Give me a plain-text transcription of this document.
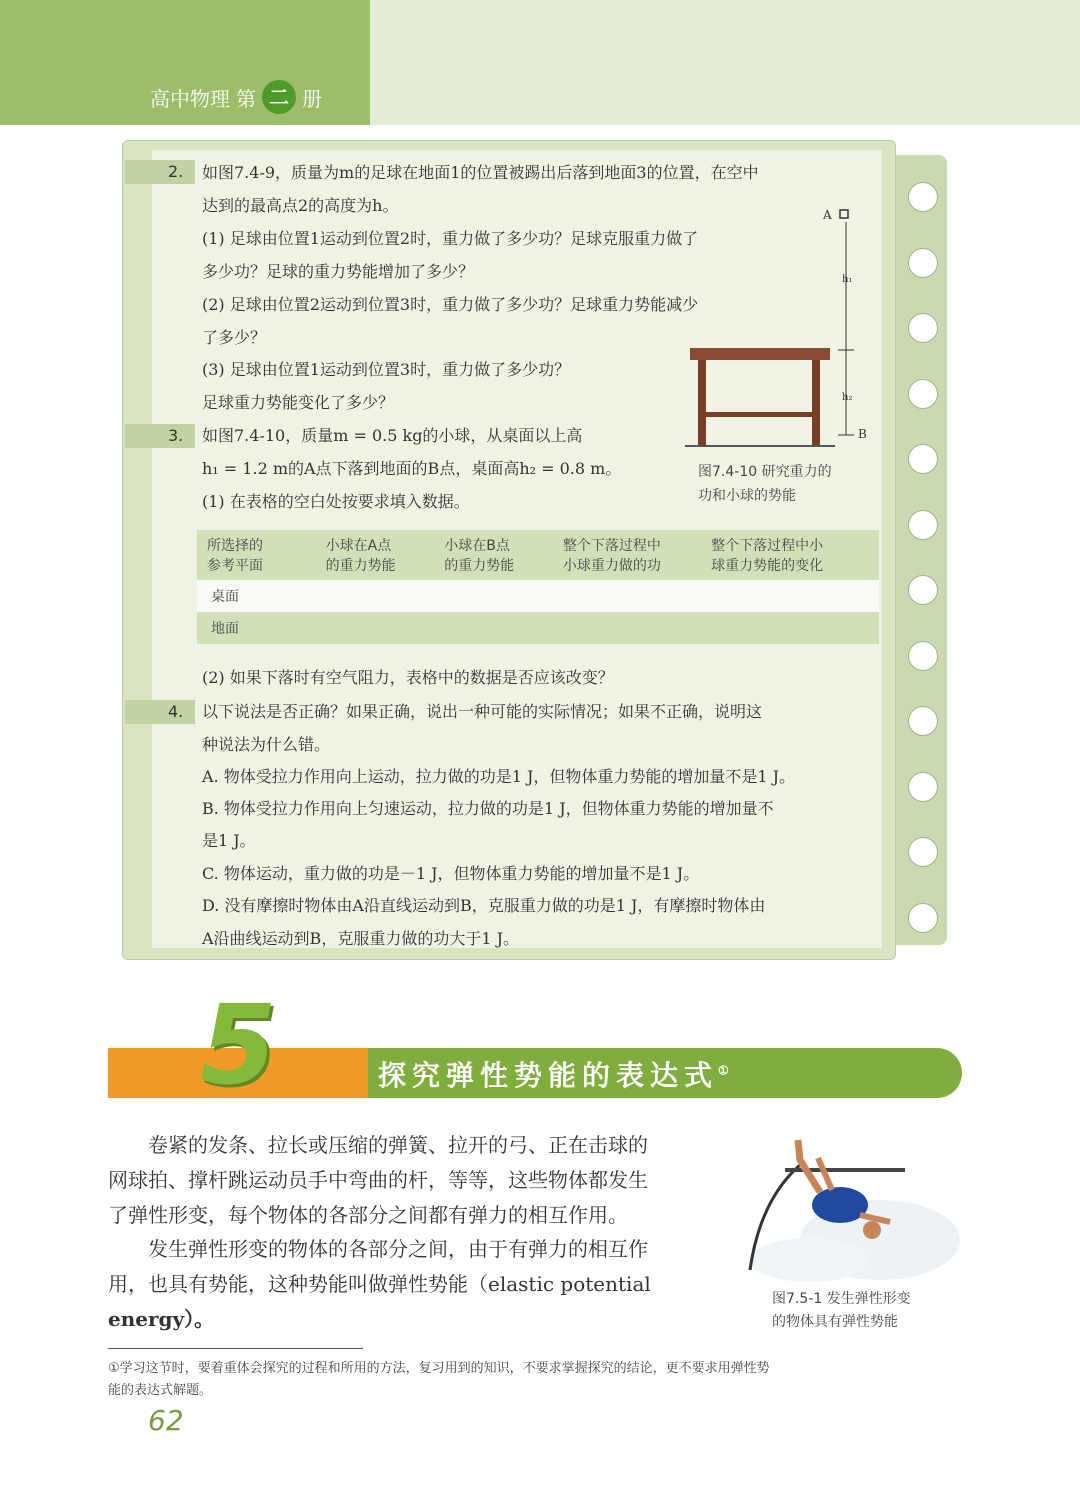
高中物理 第 二 册
2. 如图7.4-9，质量为m的足球在地面1的位置被踢出后落到地面3的位置，在空中
达到的最高点2的高度为h。
(1) 足球由位置1运动到位置2时，重力做了多少功？足球克服重力做了
多少功？足球的重力势能增加了多少？
(2) 足球由位置2运动到位置3时，重力做了多少功？足球重力势能减少
了多少？
(3) 足球由位置1运动到位置3时，重力做了多少功？
足球重力势能变化了多少？
A
h₁
h₂
B
图7.4-10 研究重力的
功和小球的势能
3. 如图7.4-10，质量m = 0.5 kg的小球，从桌面以上高
h₁ = 1.2 m的A点下落到地面的B点，桌面高h₂ = 0.8 m。
(1) 在表格的空白处按要求填入数据。
所选择的
参考平面
小球在A点
的重力势能
小球在B点
的重力势能
整个下落过程中
小球重力做的功
整个下落过程中小
球重力势能的变化
桌面
地面
(2) 如果下落时有空气阻力，表格中的数据是否应该改变？
4. 以下说法是否正确？如果正确，说出一种可能的实际情况；如果不正确，说明这
种说法为什么错。
A. 物体受拉力作用向上运动，拉力做的功是1 J，但物体重力势能的增加量不是1 J。
B. 物体受拉力作用向上匀速运动，拉力做的功是1 J，但物体重力势能的增加量不
是1 J。
C. 物体运动，重力做的功是－1 J，但物体重力势能的增加量不是1 J。
D. 没有摩擦时物体由A沿直线运动到B，克服重力做的功是1 J，有摩擦时物体由
A沿曲线运动到B，克服重力做的功大于1 J。
5	探究弹性势能的表达式①
卷紧的发条、拉长或压缩的弹簧、拉开的弓、正在击球的
网球拍、撑杆跳运动员手中弯曲的杆，等等，这些物体都发生
了弹性形变，每个物体的各部分之间都有弹力的相互作用。
发生弹性形变的物体的各部分之间，由于有弹力的相互作
用，也具有势能，这种势能叫做弹性势能（elastic potential
energy）。
图7.5-1 发生弹性形变
的物体具有弹性势能
①学习这节时，要着重体会探究的过程和所用的方法，复习用到的知识，不要求掌握探究的结论，更不要求用弹性势
能的表达式解题。
62
